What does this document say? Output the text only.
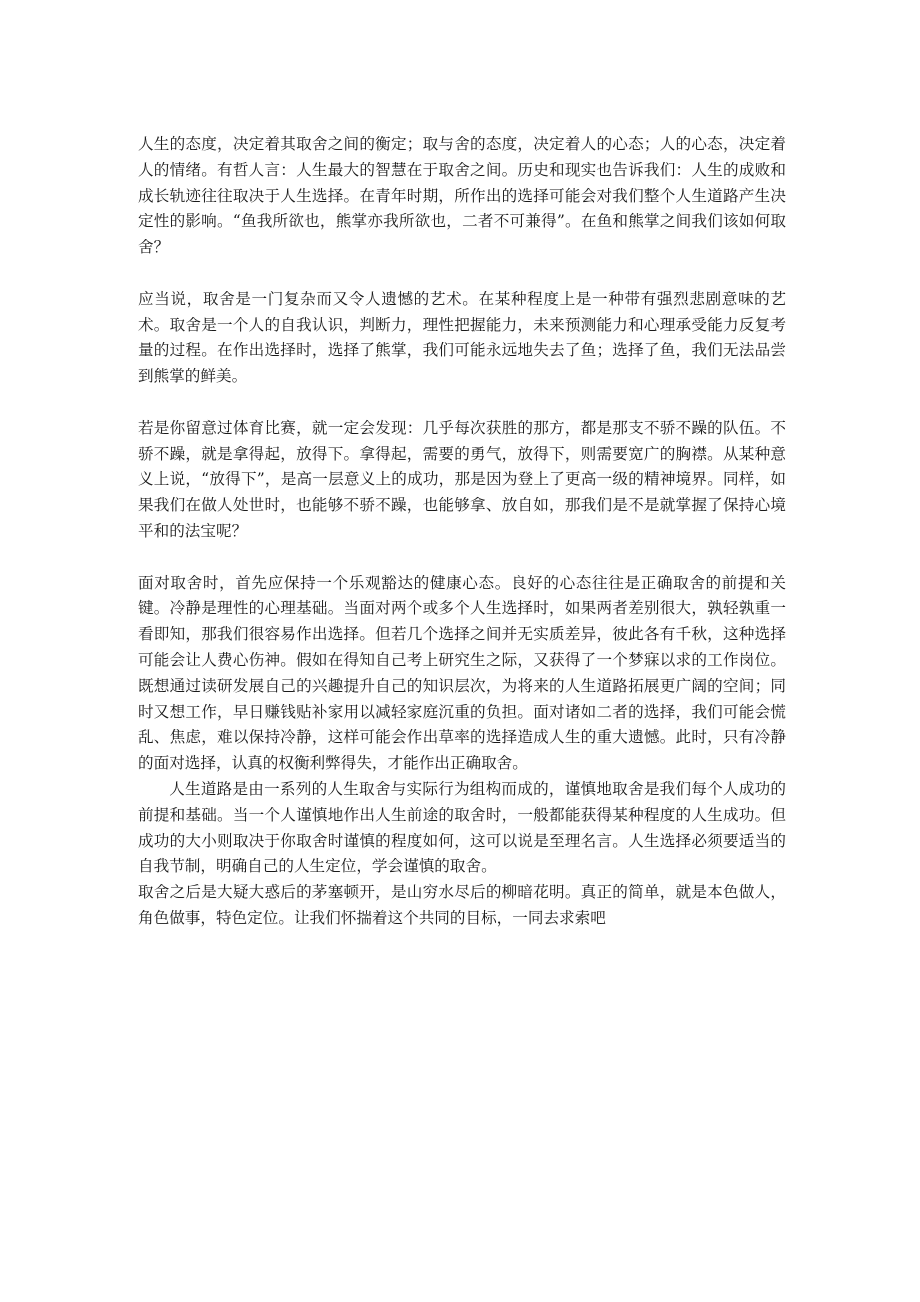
人生的态度，决定着其取舍之间的衡定；取与舍的态度，决定着人的心态；人的心态，决定着人的情绪。有哲人言：人生最大的智慧在于取舍之间。历史和现实也告诉我们：人生的成败和成长轨迹往往取决于人生选择。在青年时期，所作出的选择可能会对我们整个人生道路产生决定性的影响。“鱼我所欲也，熊掌亦我所欲也，二者不可兼得”。在鱼和熊掌之间我们该如何取舍？

应当说，取舍是一门复杂而又令人遗憾的艺术。在某种程度上是一种带有强烈悲剧意味的艺术。取舍是一个人的自我认识，判断力，理性把握能力，未来预测能力和心理承受能力反复考量的过程。在作出选择时，选择了熊掌，我们可能永远地失去了鱼；选择了鱼，我们无法品尝到熊掌的鲜美。

若是你留意过体育比赛，就一定会发现：几乎每次获胜的那方，都是那支不骄不躁的队伍。不骄不躁，就是拿得起，放得下。拿得起，需要的勇气，放得下，则需要宽广的胸襟。从某种意义上说，“放得下”，是高一层意义上的成功，那是因为登上了更高一级的精神境界。同样，如果我们在做人处世时，也能够不骄不躁，也能够拿、放自如，那我们是不是就掌握了保持心境平和的法宝呢？

面对取舍时，首先应保持一个乐观豁达的健康心态。良好的心态往往是正确取舍的前提和关键。冷静是理性的心理基础。当面对两个或多个人生选择时，如果两者差别很大，孰轻孰重一看即知，那我们很容易作出选择。但若几个选择之间并无实质差异，彼此各有千秋，这种选择可能会让人费心伤神。假如在得知自己考上研究生之际，又获得了一个梦寐以求的工作岗位。既想通过读研发展自己的兴趣提升自己的知识层次，为将来的人生道路拓展更广阔的空间；同时又想工作，早日赚钱贴补家用以减轻家庭沉重的负担。面对诸如二者的选择，我们可能会慌乱、焦虑，难以保持冷静，这样可能会作出草率的选择造成人生的重大遗憾。此时，只有冷静的面对选择，认真的权衡利弊得失，才能作出正确取舍。

人生道路是由一系列的人生取舍与实际行为组构而成的，谨慎地取舍是我们每个人成功的前提和基础。当一个人谨慎地作出人生前途的取舍时，一般都能获得某种程度的人生成功。但成功的大小则取决于你取舍时谨慎的程度如何，这可以说是至理名言。人生选择必须要适当的自我节制，明确自己的人生定位，学会谨慎的取舍。

取舍之后是大疑大惑后的茅塞顿开，是山穷水尽后的柳暗花明。真正的简单，就是本色做人，角色做事，特色定位。让我们怀揣着这个共同的目标，一同去求索吧
